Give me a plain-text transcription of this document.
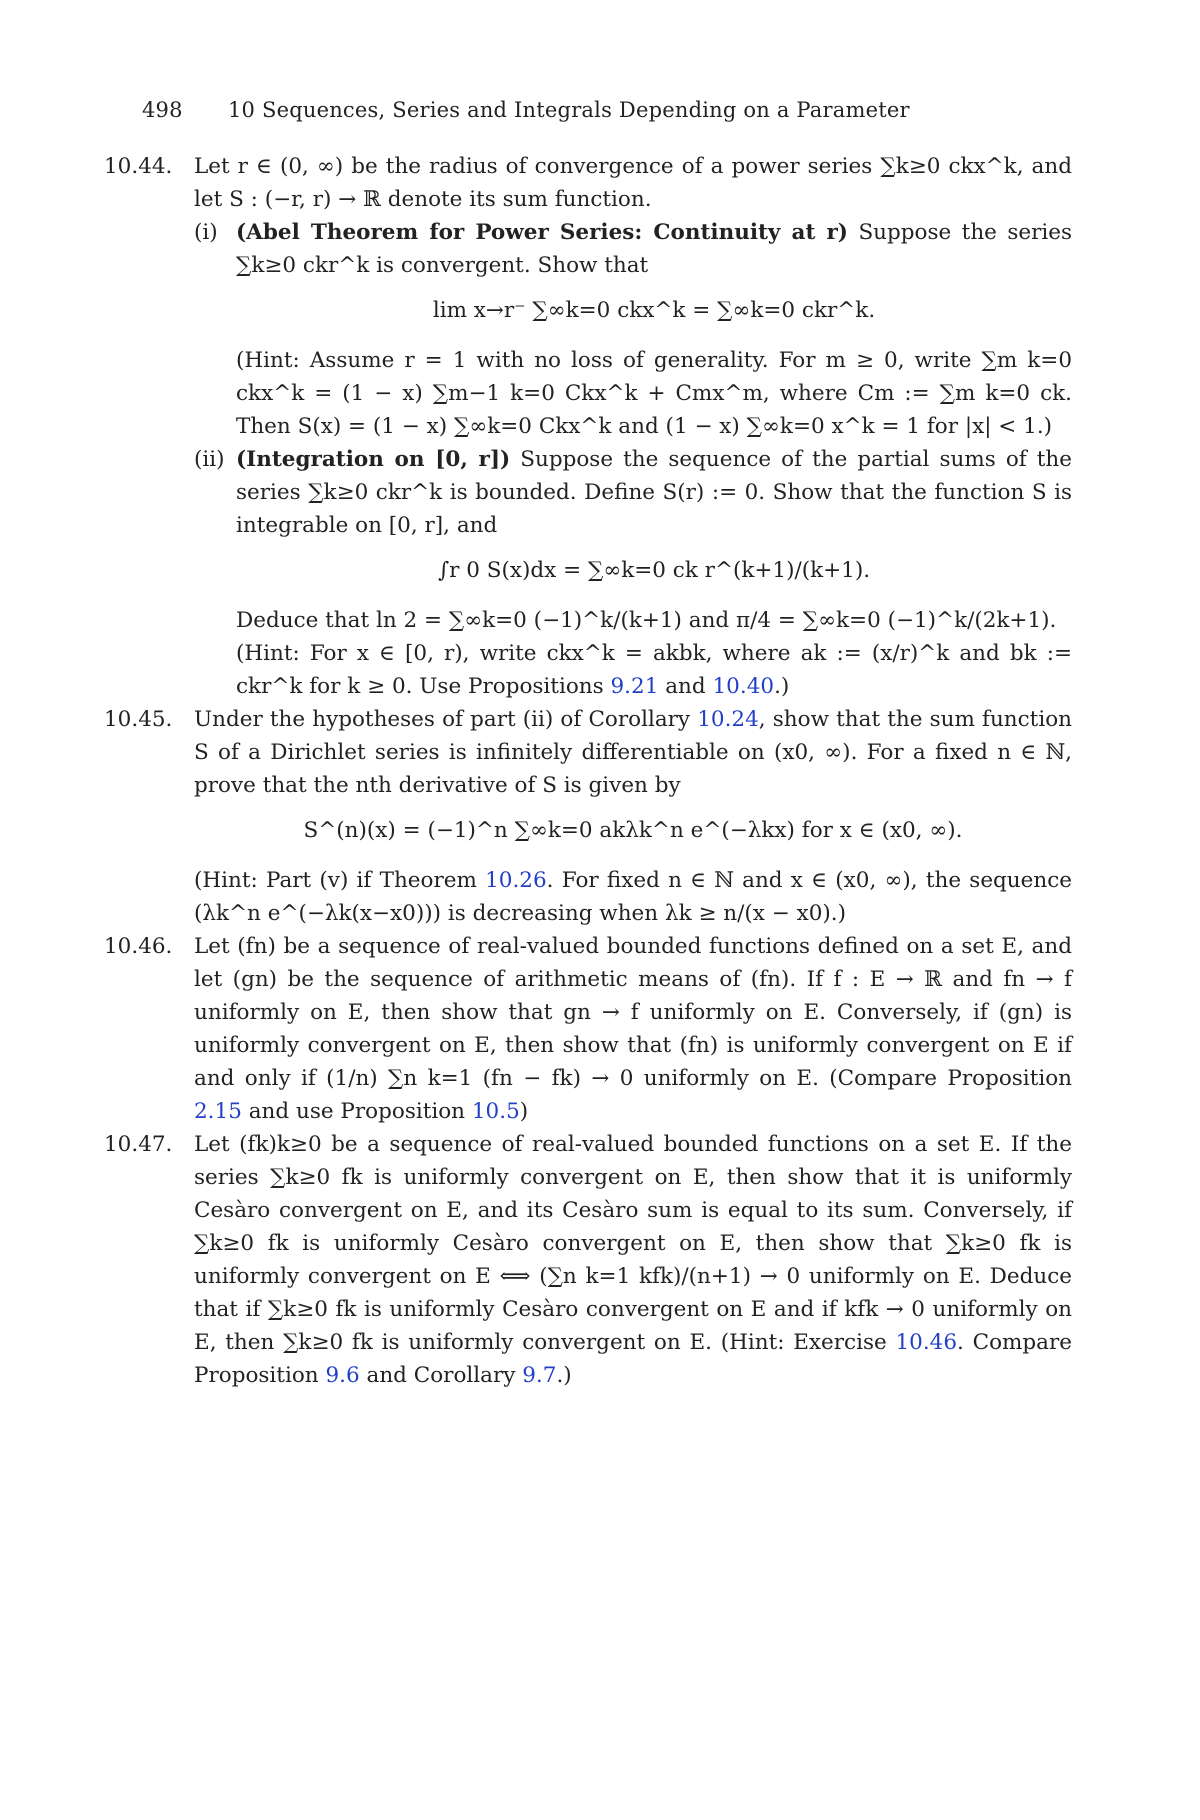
498 10 Sequences, Series and Integrals Depending on a Parameter
10.44.	Let r ∈ (0, ∞) be the radius of convergence of a power series ∑k≥0 ckx^k, and let S : (−r, r) → ℝ denote its sum function.
(i) (Abel Theorem for Power Series: Continuity at r) Suppose the series ∑k≥0 ckr^k is convergent. Show that
lim x→r⁻ ∑∞k=0 ckx^k = ∑∞k=0 ckr^k.
(Hint: Assume r = 1 with no loss of generality. For m ≥ 0, write ∑m k=0 ckx^k = (1 − x) ∑m−1 k=0 Ckx^k + Cmx^m, where Cm := ∑m k=0 ck. Then S(x) = (1 − x) ∑∞k=0 Ckx^k and (1 − x) ∑∞k=0 x^k = 1 for |x| < 1.)
(ii) (Integration on [0, r]) Suppose the sequence of the partial sums of the series ∑k≥0 ckr^k is bounded. Define S(r) := 0. Show that the function S is integrable on [0, r], and
∫r 0 S(x)dx = ∑∞k=0 ck r^(k+1)/(k+1).
Deduce that ln 2 = ∑∞k=0 (−1)^k/(k+1) and π/4 = ∑∞k=0 (−1)^k/(2k+1).
(Hint: For x ∈ [0, r), write ckx^k = akbk, where ak := (x/r)^k and bk := ckr^k for k ≥ 0. Use Propositions 9.21 and 10.40.)
10.45.	Under the hypotheses of part (ii) of Corollary 10.24, show that the sum function S of a Dirichlet series is infinitely differentiable on (x0, ∞). For a fixed n ∈ ℕ, prove that the nth derivative of S is given by
S^(n)(x) = (−1)^n ∑∞k=0 akλk^n e^(−λkx) for x ∈ (x0, ∞).
(Hint: Part (v) if Theorem 10.26. For fixed n ∈ ℕ and x ∈ (x0, ∞), the sequence (λk^n e^(−λk(x−x0))) is decreasing when λk ≥ n/(x − x0).)
10.46.	Let (fn) be a sequence of real-valued bounded functions defined on a set E, and let (gn) be the sequence of arithmetic means of (fn). If f : E → ℝ and fn → f uniformly on E, then show that gn → f uniformly on E. Conversely, if (gn) is uniformly convergent on E, then show that (fn) is uniformly convergent on E if and only if (1/n) ∑n k=1 (fn − fk) → 0 uniformly on E. (Compare Proposition 2.15 and use Proposition 10.5)
10.47.	Let (fk)k≥0 be a sequence of real-valued bounded functions on a set E. If the series ∑k≥0 fk is uniformly convergent on E, then show that it is uniformly Cesàro convergent on E, and its Cesàro sum is equal to its sum. Conversely, if ∑k≥0 fk is uniformly Cesàro convergent on E, then show that ∑k≥0 fk is uniformly convergent on E ⟺ (∑n k=1 kfk)/(n+1) → 0 uniformly on E. Deduce that if ∑k≥0 fk is uniformly Cesàro convergent on E and if kfk → 0 uniformly on E, then ∑k≥0 fk is uniformly convergent on E. (Hint: Exercise 10.46. Compare Proposition 9.6 and Corollary 9.7.)
